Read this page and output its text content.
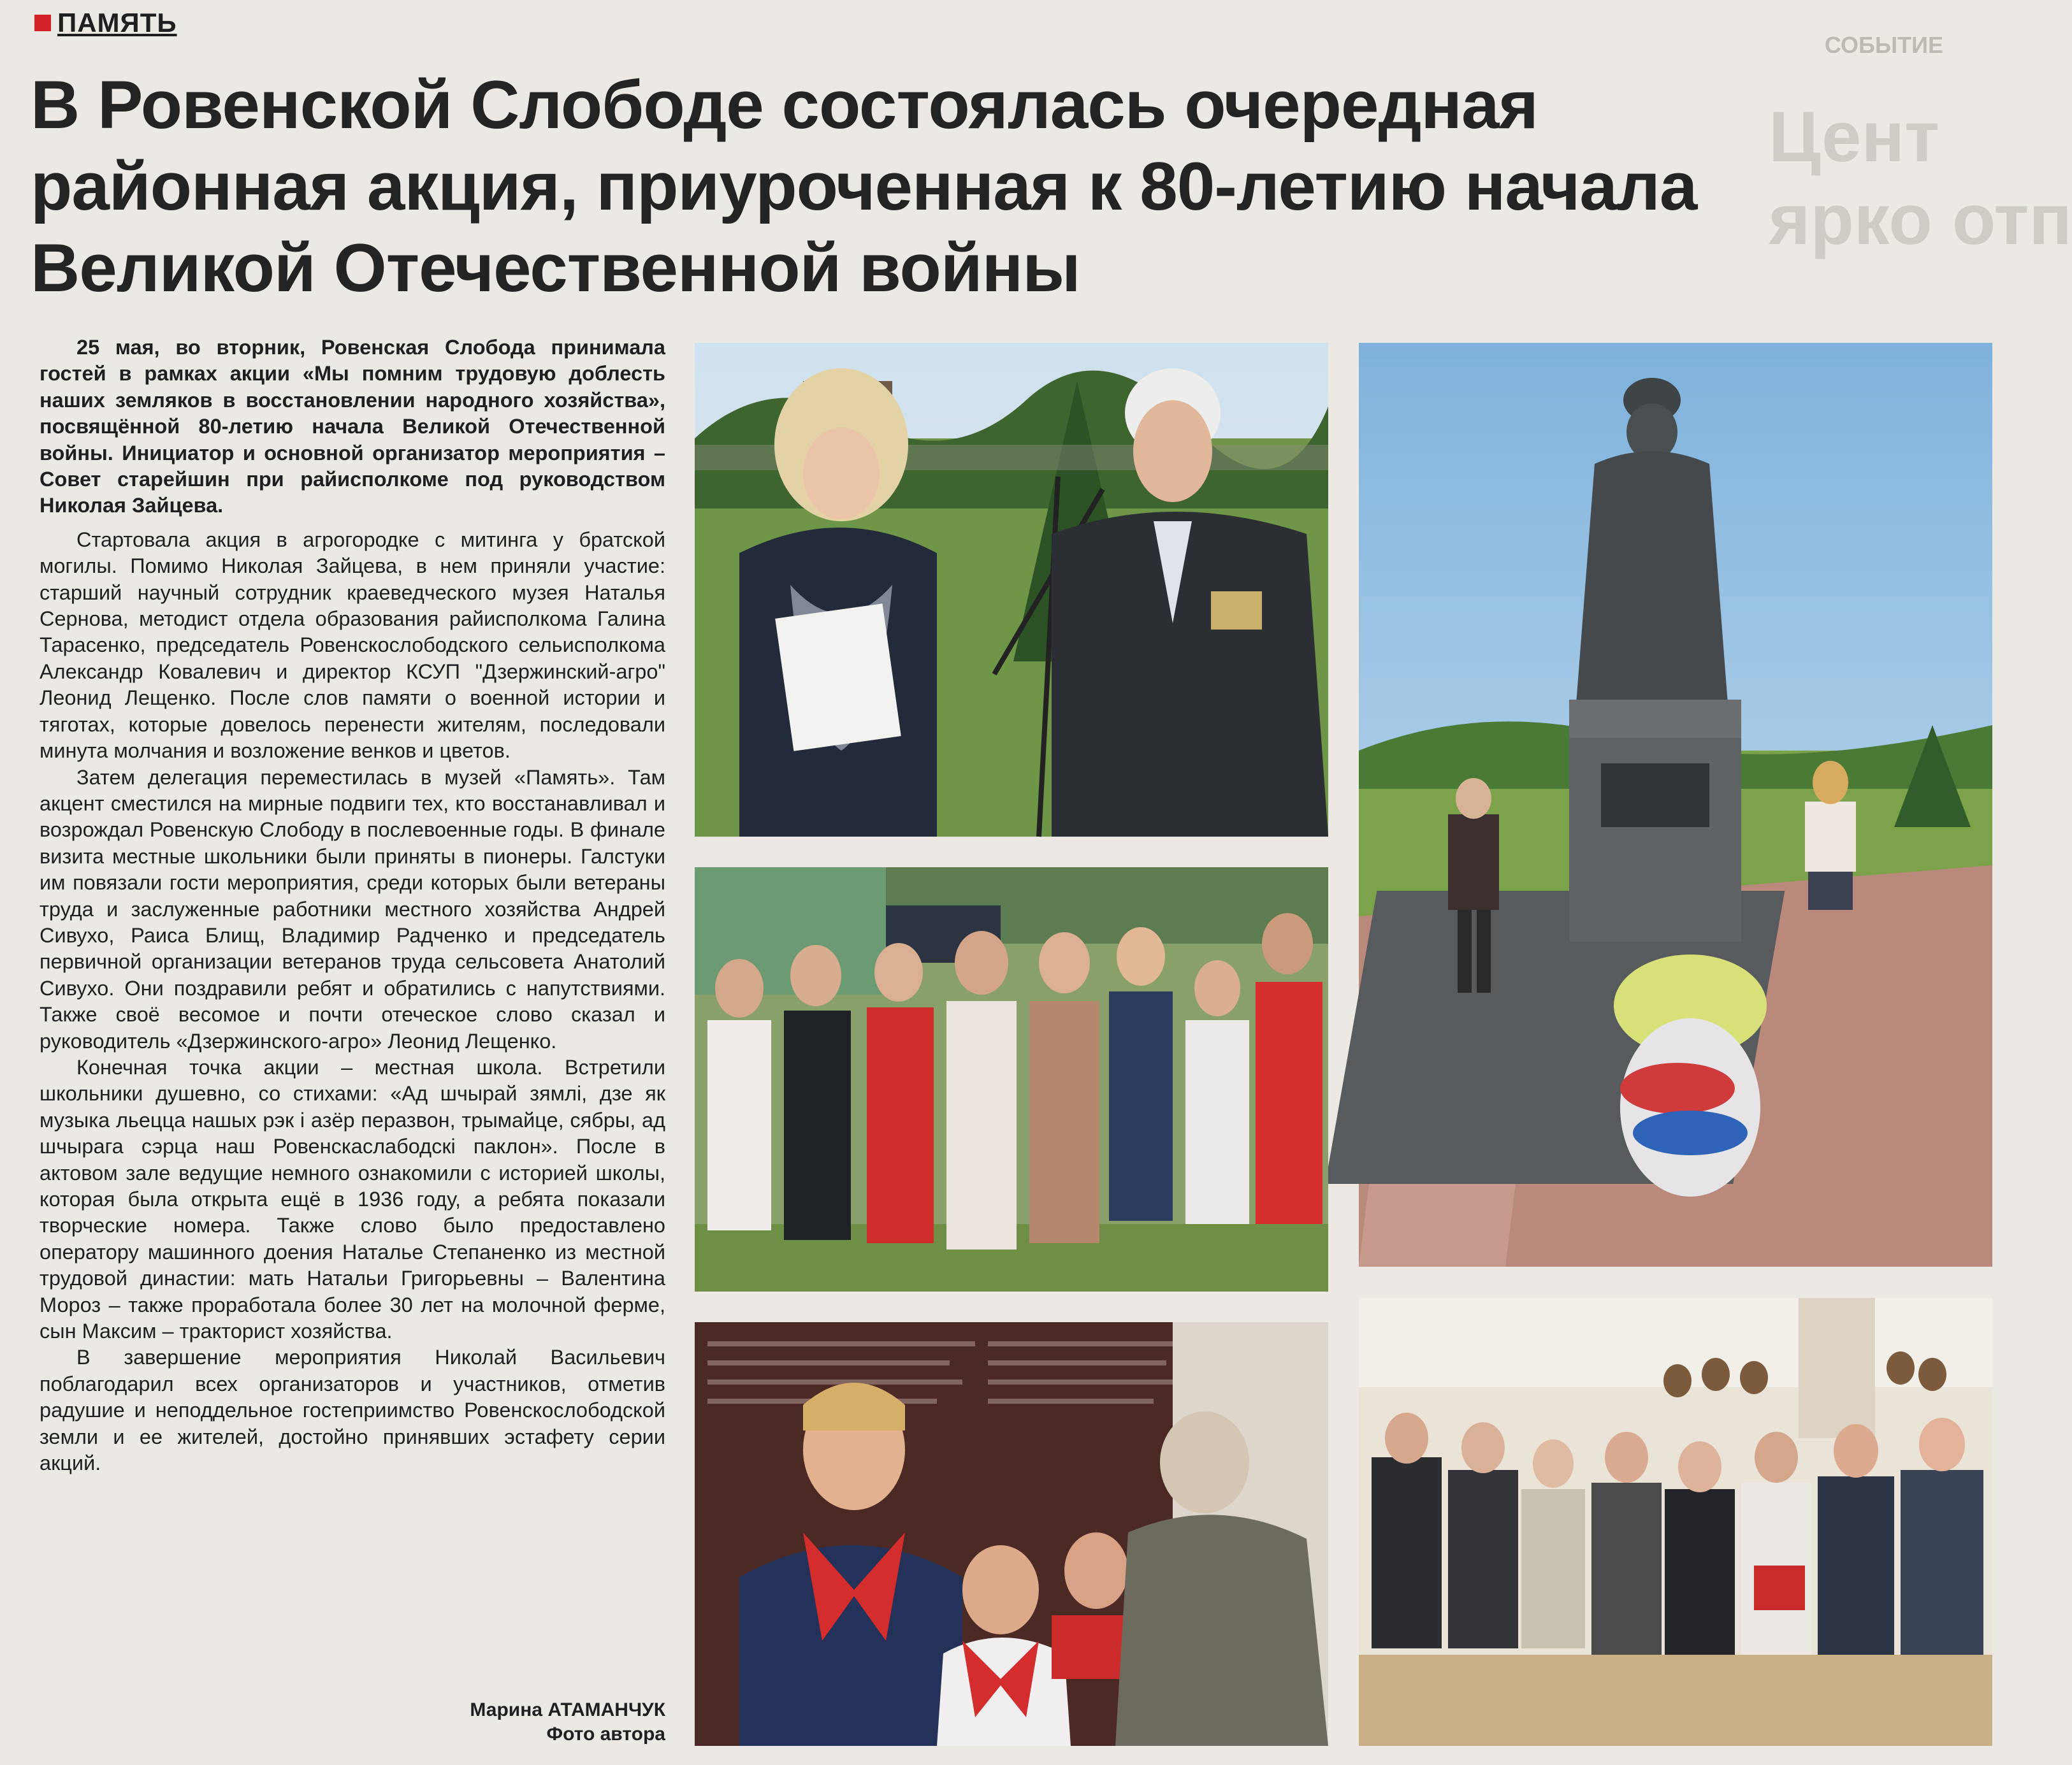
ПАМЯТЬ
СОБЫТИЕ
Цент
ярко отп
В Ровенской Слободе состоялась очередная районная акция, приуроченная к 80-летию начала Великой Отечественной войны

25 мая, во вторник, Ровенская Слобода принимала гостей в рамках акции «Мы помним трудовую доблесть наших земляков в восстановлении народного хозяйства», посвящённой 80-летию начала Великой Отечественной войны. Инициатор и основной организатор мероприятия – Совет старейшин при райисполкоме под руководством Николая Зайцева.

Стартовала акция в агрогородке с митинга у братской могилы. Помимо Николая Зайцева, в нем приняли участие: старший научный сотрудник краеведческого музея Наталья Сернова, методист отдела образования райисполкома Галина Тарасенко, председатель Ровенскослободского сельисполкома Александр Ковалевич и директор КСУП "Дзержинский-агро" Леонид Лещенко. После слов памяти о военной истории и тяготах, которые довелось перенести жителям, последовали минута молчания и возложение венков и цветов.

Затем делегация переместилась в музей «Память». Там акцент сместился на мирные подвиги тех, кто восстанавливал и возрождал Ровенскую Слободу в послевоенные годы. В финале визита местные школьники были приняты в пионеры. Галстуки им повязали гости мероприятия, среди которых были ветераны труда и заслуженные работники местного хозяйства Андрей Сивухо, Раиса Блищ, Владимир Радченко и председатель первичной организации ветеранов труда сельсовета Анатолий Сивухо. Они поздравили ребят и обратились с напутствиями. Также своё весомое и почти отеческое слово сказал и руководитель «Дзержинского-агро» Леонид Лещенко.

Конечная точка акции – местная школа. Встретили школьники душевно, со стихами: «Ад шчырай зямлі, дзе як музыка льецца нашых рэк і азёр перазвон, трымайце, сябры, ад шчырага сэрца наш Ровенскаслабодскі паклон». После в актовом зале ведущие немного ознакомили с историей школы, которая была открыта ещё в 1936 году, а ребята показали творческие номера. Также слово было предоставлено оператору машинного доения Наталье Степаненко из местной трудовой династии: мать Натальи Григорьевны – Валентина Мороз – также проработала более 30 лет на молочной ферме, сын Максим – тракторист хозяйства.

В завершение мероприятия Николай Васильевич поблагодарил всех организаторов и участников, отметив радушие и неподдельное гостеприимство Ровенскослободской земли и ее жителей, достойно принявших эстафету серии акций.

Марина АТАМАНЧУК
Фото автора
